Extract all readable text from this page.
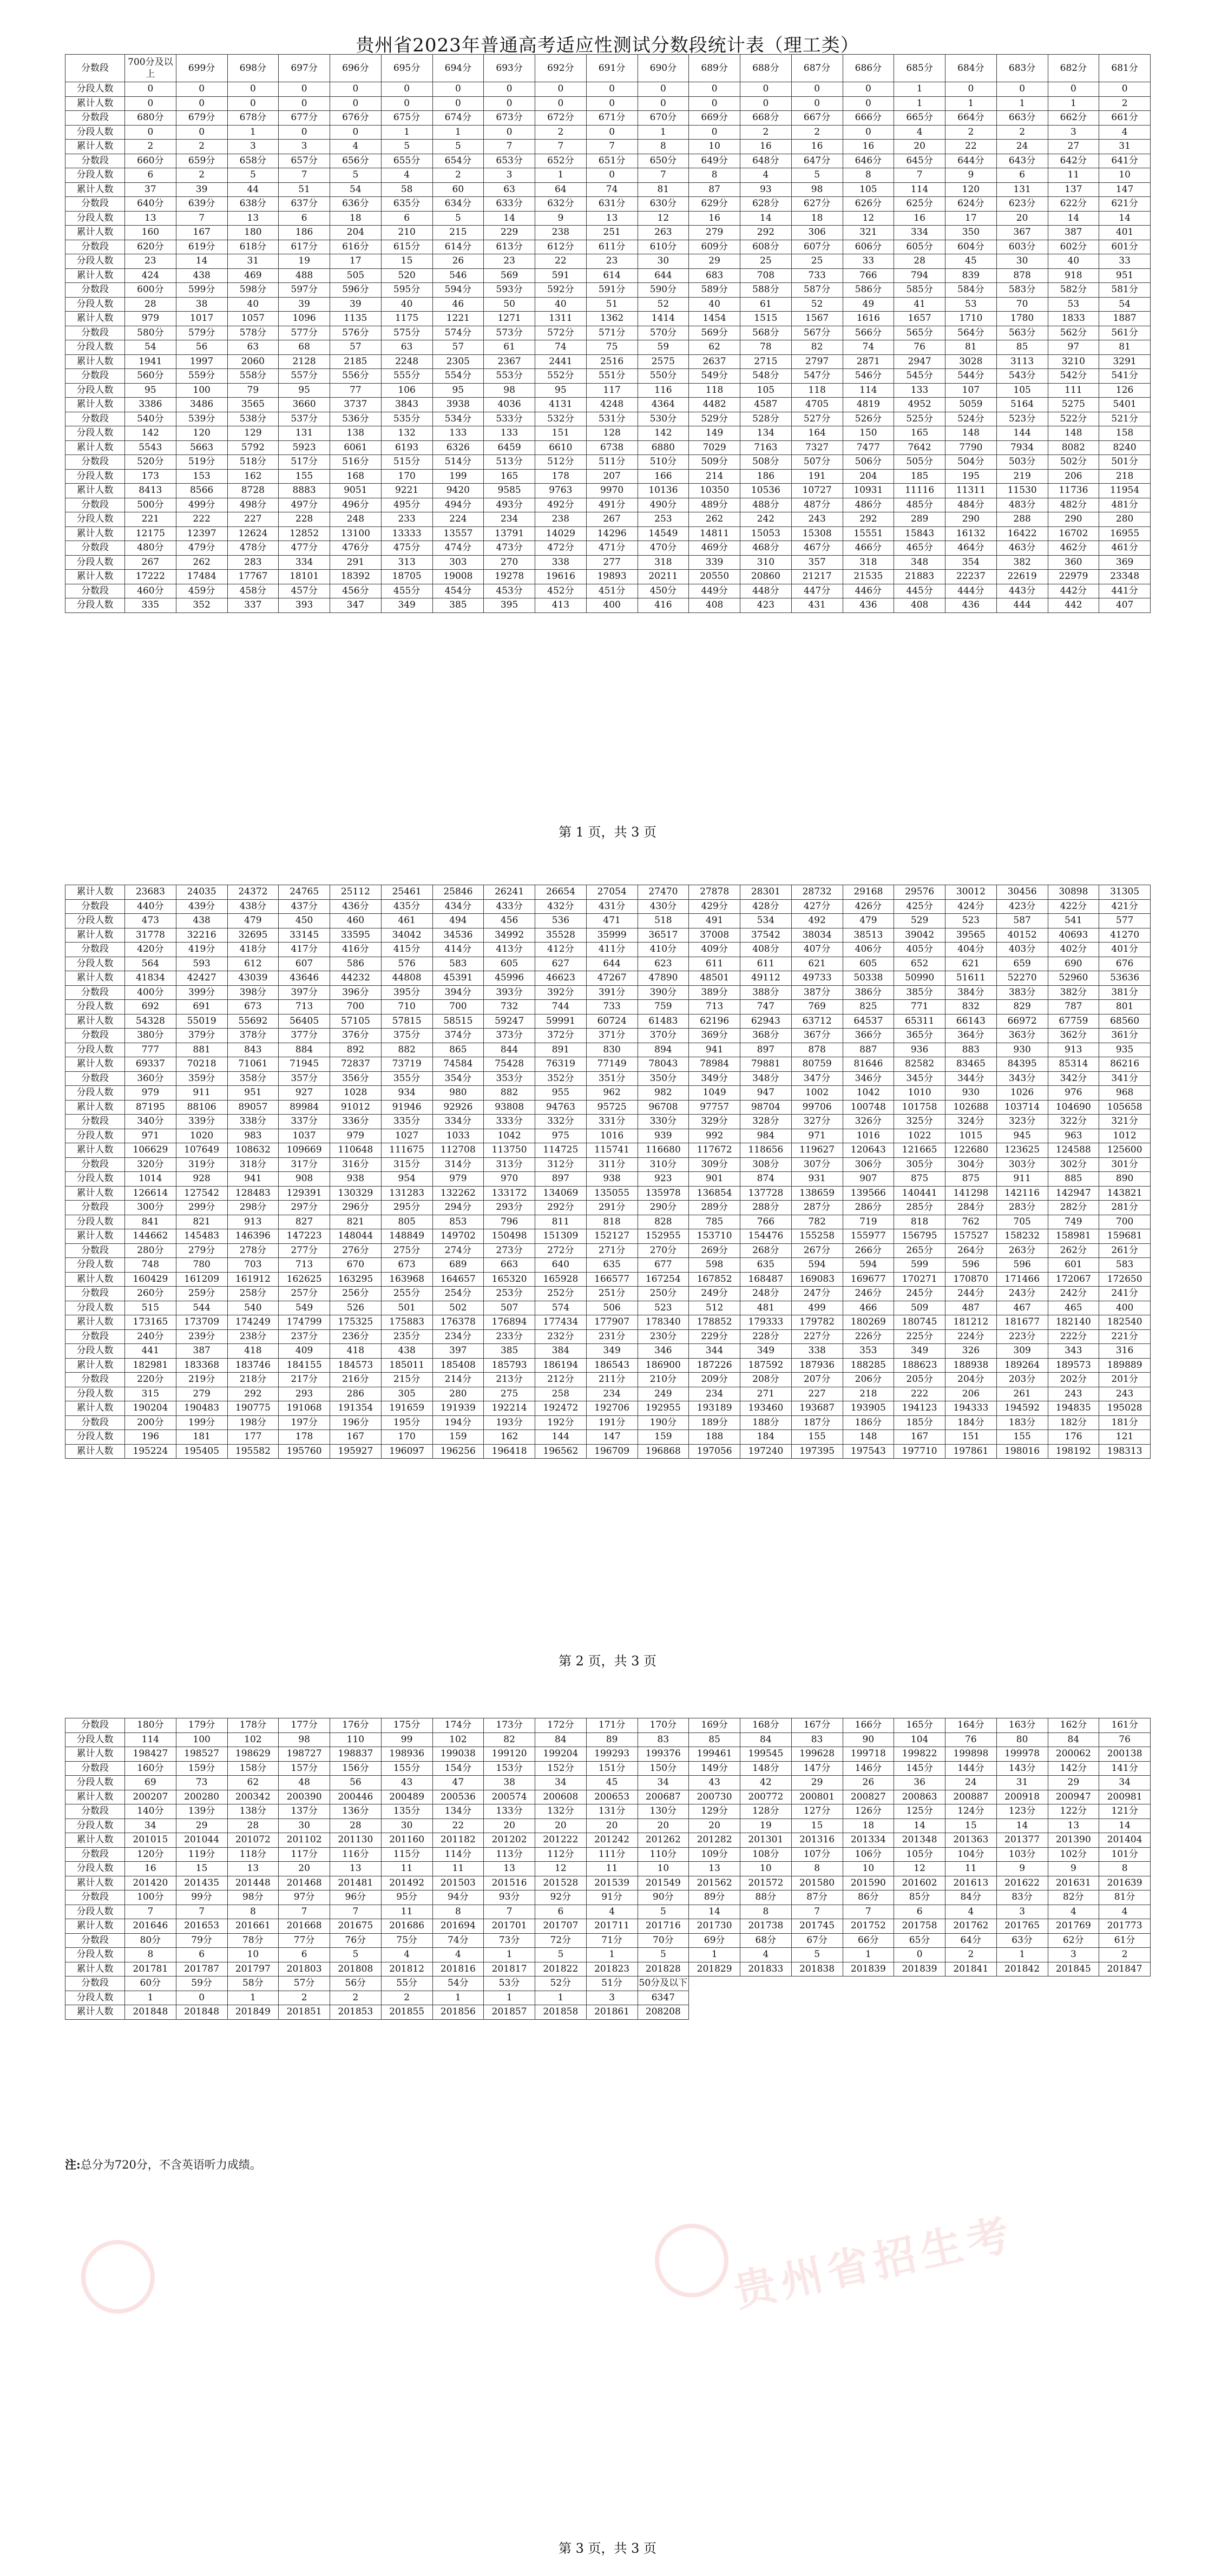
贵州省2023年普通高考适应性测试分数段统计表（理工类）
分数段	700分及以上	699分	698分	697分	696分	695分	694分	693分	692分	691分	690分	689分	688分	687分	686分	685分	684分	683分	682分	681分
分段人数	0	0	0	0	0	0	0	0	0	0	0	0	0	0	0	1	0	0	0	0
累计人数	0	0	0	0	0	0	0	0	0	0	0	0	0	0	0	1	1	1	1	2
分数段	680分	679分	678分	677分	676分	675分	674分	673分	672分	671分	670分	669分	668分	667分	666分	665分	664分	663分	662分	661分
分段人数	0	0	1	0	0	1	1	0	2	0	1	0	2	2	0	4	2	2	3	4
累计人数	2	2	3	3	4	5	5	7	7	7	8	10	16	16	16	20	22	24	27	31
分数段	660分	659分	658分	657分	656分	655分	654分	653分	652分	651分	650分	649分	648分	647分	646分	645分	644分	643分	642分	641分
分段人数	6	2	5	7	5	4	2	3	1	0	7	8	4	5	8	7	9	6	11	10
累计人数	37	39	44	51	54	58	60	63	64	74	81	87	93	98	105	114	120	131	137	147
分数段	640分	639分	638分	637分	636分	635分	634分	633分	632分	631分	630分	629分	628分	627分	626分	625分	624分	623分	622分	621分
分段人数	13	7	13	6	18	6	5	14	9	13	12	16	14	18	12	16	17	20	14	14
累计人数	160	167	180	186	204	210	215	229	238	251	263	279	292	306	321	334	350	367	387	401
分数段	620分	619分	618分	617分	616分	615分	614分	613分	612分	611分	610分	609分	608分	607分	606分	605分	604分	603分	602分	601分
分段人数	23	14	31	19	17	15	26	23	22	23	30	29	25	25	33	28	45	30	40	33
累计人数	424	438	469	488	505	520	546	569	591	614	644	683	708	733	766	794	839	878	918	951
分数段	600分	599分	598分	597分	596分	595分	594分	593分	592分	591分	590分	589分	588分	587分	586分	585分	584分	583分	582分	581分
分段人数	28	38	40	39	39	40	46	50	40	51	52	40	61	52	49	41	53	70	53	54
累计人数	979	1017	1057	1096	1135	1175	1221	1271	1311	1362	1414	1454	1515	1567	1616	1657	1710	1780	1833	1887
分数段	580分	579分	578分	577分	576分	575分	574分	573分	572分	571分	570分	569分	568分	567分	566分	565分	564分	563分	562分	561分
分段人数	54	56	63	68	57	63	57	61	74	75	59	62	78	82	74	76	81	85	97	81
累计人数	1941	1997	2060	2128	2185	2248	2305	2367	2441	2516	2575	2637	2715	2797	2871	2947	3028	3113	3210	3291
分数段	560分	559分	558分	557分	556分	555分	554分	553分	552分	551分	550分	549分	548分	547分	546分	545分	544分	543分	542分	541分
分段人数	95	100	79	95	77	106	95	98	95	117	116	118	105	118	114	133	107	105	111	126
累计人数	3386	3486	3565	3660	3737	3843	3938	4036	4131	4248	4364	4482	4587	4705	4819	4952	5059	5164	5275	5401
分数段	540分	539分	538分	537分	536分	535分	534分	533分	532分	531分	530分	529分	528分	527分	526分	525分	524分	523分	522分	521分
分段人数	142	120	129	131	138	132	133	133	151	128	142	149	134	164	150	165	148	144	148	158
累计人数	5543	5663	5792	5923	6061	6193	6326	6459	6610	6738	6880	7029	7163	7327	7477	7642	7790	7934	8082	8240
分数段	520分	519分	518分	517分	516分	515分	514分	513分	512分	511分	510分	509分	508分	507分	506分	505分	504分	503分	502分	501分
分段人数	173	153	162	155	168	170	199	165	178	207	166	214	186	191	204	185	195	219	206	218
累计人数	8413	8566	8728	8883	9051	9221	9420	9585	9763	9970	10136	10350	10536	10727	10931	11116	11311	11530	11736	11954
分数段	500分	499分	498分	497分	496分	495分	494分	493分	492分	491分	490分	489分	488分	487分	486分	485分	484分	483分	482分	481分
分段人数	221	222	227	228	248	233	224	234	238	267	253	262	242	243	292	289	290	288	290	280
累计人数	12175	12397	12624	12852	13100	13333	13557	13791	14029	14296	14549	14811	15053	15308	15551	15843	16132	16422	16702	16955
分数段	480分	479分	478分	477分	476分	475分	474分	473分	472分	471分	470分	469分	468分	467分	466分	465分	464分	463分	462分	461分
分段人数	267	262	283	334	291	313	303	270	338	277	318	339	310	357	318	348	354	382	360	369
累计人数	17222	17484	17767	18101	18392	18705	19008	19278	19616	19893	20211	20550	20860	21217	21535	21883	22237	22619	22979	23348
分数段	460分	459分	458分	457分	456分	455分	454分	453分	452分	451分	450分	449分	448分	447分	446分	445分	444分	443分	442分	441分
分段人数	335	352	337	393	347	349	385	395	413	400	416	408	423	431	436	408	436	444	442	407
第 1 页，共 3 页
累计人数	23683	24035	24372	24765	25112	25461	25846	26241	26654	27054	27470	27878	28301	28732	29168	29576	30012	30456	30898	31305
分数段	440分	439分	438分	437分	436分	435分	434分	433分	432分	431分	430分	429分	428分	427分	426分	425分	424分	423分	422分	421分
分段人数	473	438	479	450	460	461	494	456	536	471	518	491	534	492	479	529	523	587	541	577
累计人数	31778	32216	32695	33145	33595	34042	34536	34992	35528	35999	36517	37008	37542	38034	38513	39042	39565	40152	40693	41270
分数段	420分	419分	418分	417分	416分	415分	414分	413分	412分	411分	410分	409分	408分	407分	406分	405分	404分	403分	402分	401分
分段人数	564	593	612	607	586	576	583	605	627	644	623	611	611	621	605	652	621	659	690	676
累计人数	41834	42427	43039	43646	44232	44808	45391	45996	46623	47267	47890	48501	49112	49733	50338	50990	51611	52270	52960	53636
分数段	400分	399分	398分	397分	396分	395分	394分	393分	392分	391分	390分	389分	388分	387分	386分	385分	384分	383分	382分	381分
分段人数	692	691	673	713	700	710	700	732	744	733	759	713	747	769	825	771	832	829	787	801
累计人数	54328	55019	55692	56405	57105	57815	58515	59247	59991	60724	61483	62196	62943	63712	64537	65311	66143	66972	67759	68560
分数段	380分	379分	378分	377分	376分	375分	374分	373分	372分	371分	370分	369分	368分	367分	366分	365分	364分	363分	362分	361分
分段人数	777	881	843	884	892	882	865	844	891	830	894	941	897	878	887	936	883	930	913	935
累计人数	69337	70218	71061	71945	72837	73719	74584	75428	76319	77149	78043	78984	79881	80759	81646	82582	83465	84395	85314	86216
分数段	360分	359分	358分	357分	356分	355分	354分	353分	352分	351分	350分	349分	348分	347分	346分	345分	344分	343分	342分	341分
分段人数	979	911	951	927	1028	934	980	882	955	962	982	1049	947	1002	1042	1010	930	1026	976	968
累计人数	87195	88106	89057	89984	91012	91946	92926	93808	94763	95725	96708	97757	98704	99706	100748	101758	102688	103714	104690	105658
分数段	340分	339分	338分	337分	336分	335分	334分	333分	332分	331分	330分	329分	328分	327分	326分	325分	324分	323分	322分	321分
分段人数	971	1020	983	1037	979	1027	1033	1042	975	1016	939	992	984	971	1016	1022	1015	945	963	1012
累计人数	106629	107649	108632	109669	110648	111675	112708	113750	114725	115741	116680	117672	118656	119627	120643	121665	122680	123625	124588	125600
分数段	320分	319分	318分	317分	316分	315分	314分	313分	312分	311分	310分	309分	308分	307分	306分	305分	304分	303分	302分	301分
分段人数	1014	928	941	908	938	954	979	970	897	938	923	901	874	931	907	875	875	911	885	890
累计人数	126614	127542	128483	129391	130329	131283	132262	133172	134069	135055	135978	136854	137728	138659	139566	140441	141298	142116	142947	143821
分数段	300分	299分	298分	297分	296分	295分	294分	293分	292分	291分	290分	289分	288分	287分	286分	285分	284分	283分	282分	281分
分段人数	841	821	913	827	821	805	853	796	811	818	828	785	766	782	719	818	762	705	749	700
累计人数	144662	145483	146396	147223	148044	148849	149702	150498	151309	152127	152955	153710	154476	155258	155977	156795	157527	158232	158981	159681
分数段	280分	279分	278分	277分	276分	275分	274分	273分	272分	271分	270分	269分	268分	267分	266分	265分	264分	263分	262分	261分
分段人数	748	780	703	713	670	673	689	663	640	635	677	598	635	594	594	599	596	596	601	583
累计人数	160429	161209	161912	162625	163295	163968	164657	165320	165928	166577	167254	167852	168487	169083	169677	170271	170870	171466	172067	172650
分数段	260分	259分	258分	257分	256分	255分	254分	253分	252分	251分	250分	249分	248分	247分	246分	245分	244分	243分	242分	241分
分段人数	515	544	540	549	526	501	502	507	574	506	523	512	481	499	466	509	487	467	465	400
累计人数	173165	173709	174249	174799	175325	175883	176378	176894	177434	177907	178340	178852	179333	179782	180269	180745	181212	181677	182140	182540
分数段	240分	239分	238分	237分	236分	235分	234分	233分	232分	231分	230分	229分	228分	227分	226分	225分	224分	223分	222分	221分
分段人数	441	387	418	409	418	438	397	385	384	349	346	344	349	338	353	349	326	309	343	316
累计人数	182981	183368	183746	184155	184573	185011	185408	185793	186194	186543	186900	187226	187592	187936	188285	188623	188938	189264	189573	189889
分数段	220分	219分	218分	217分	216分	215分	214分	213分	212分	211分	210分	209分	208分	207分	206分	205分	204分	203分	202分	201分
分段人数	315	279	292	293	286	305	280	275	258	234	249	234	271	227	218	222	206	261	243	243
累计人数	190204	190483	190775	191068	191354	191659	191939	192214	192472	192706	192955	193189	193460	193687	193905	194123	194333	194592	194835	195028
分数段	200分	199分	198分	197分	196分	195分	194分	193分	192分	191分	190分	189分	188分	187分	186分	185分	184分	183分	182分	181分
分段人数	196	181	177	178	167	170	159	162	144	147	159	188	184	155	148	167	151	155	176	121
累计人数	195224	195405	195582	195760	195927	196097	196256	196418	196562	196709	196868	197056	197240	197395	197543	197710	197861	198016	198192	198313
第 2 页，共 3 页
分数段	180分	179分	178分	177分	176分	175分	174分	173分	172分	171分	170分	169分	168分	167分	166分	165分	164分	163分	162分	161分
分段人数	114	100	102	98	110	99	102	82	84	89	83	85	84	83	90	104	76	80	84	76
累计人数	198427	198527	198629	198727	198837	198936	199038	199120	199204	199293	199376	199461	199545	199628	199718	199822	199898	199978	200062	200138
分数段	160分	159分	158分	157分	156分	155分	154分	153分	152分	151分	150分	149分	148分	147分	146分	145分	144分	143分	142分	141分
分段人数	69	73	62	48	56	43	47	38	34	45	34	43	42	29	26	36	24	31	29	34
累计人数	200207	200280	200342	200390	200446	200489	200536	200574	200608	200653	200687	200730	200772	200801	200827	200863	200887	200918	200947	200981
分数段	140分	139分	138分	137分	136分	135分	134分	133分	132分	131分	130分	129分	128分	127分	126分	125分	124分	123分	122分	121分
分段人数	34	29	28	30	28	30	22	20	20	20	20	20	19	15	18	14	15	14	13	14
累计人数	201015	201044	201072	201102	201130	201160	201182	201202	201222	201242	201262	201282	201301	201316	201334	201348	201363	201377	201390	201404
分数段	120分	119分	118分	117分	116分	115分	114分	113分	112分	111分	110分	109分	108分	107分	106分	105分	104分	103分	102分	101分
分段人数	16	15	13	20	13	11	11	13	12	11	10	13	10	8	10	12	11	9	9	8
累计人数	201420	201435	201448	201468	201481	201492	201503	201516	201528	201539	201549	201562	201572	201580	201590	201602	201613	201622	201631	201639
分数段	100分	99分	98分	97分	96分	95分	94分	93分	92分	91分	90分	89分	88分	87分	86分	85分	84分	83分	82分	81分
分段人数	7	7	8	7	7	11	8	7	6	4	5	14	8	7	7	6	4	3	4	4
累计人数	201646	201653	201661	201668	201675	201686	201694	201701	201707	201711	201716	201730	201738	201745	201752	201758	201762	201765	201769	201773
分数段	80分	79分	78分	77分	76分	75分	74分	73分	72分	71分	70分	69分	68分	67分	66分	65分	64分	63分	62分	61分
分段人数	8	6	10	6	5	4	4	1	5	1	5	1	4	5	1	0	2	1	3	2
累计人数	201781	201787	201797	201803	201808	201812	201816	201817	201822	201823	201828	201829	201833	201838	201839	201839	201841	201842	201845	201847
分数段	60分	59分	58分	57分	56分	55分	54分	53分	52分	51分	50分及以下									
分段人数	1	0	1	2	2	2	1	1	1	3	6347									
累计人数	201848	201848	201849	201851	201853	201855	201856	201857	201858	201861	208208									
注:总分为720分，不含英语听力成绩。
第 3 页，共 3 页
贵州省招生考
